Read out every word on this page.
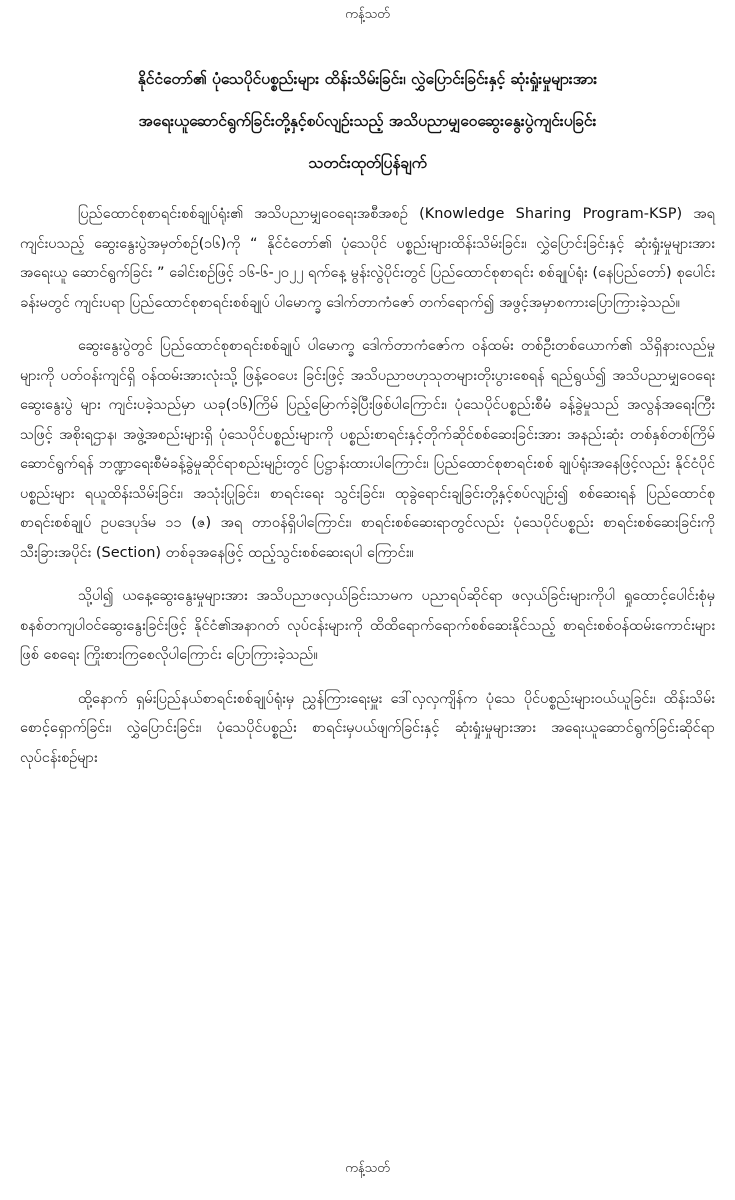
ကန့်သတ်
နိုင်ငံတော်၏ ပုံသေပိုင်ပစ္စည်းများ ထိန်းသိမ်းခြင်း၊ လွှဲပြောင်းခြင်းနှင့် ဆုံးရှုံးမှုများအား
အရေးယူဆောင်ရွက်ခြင်းတို့နှင့်စပ်လျဉ်းသည့် အသိပညာမျှဝေဆွေးနွေးပွဲကျင်းပခြင်း
သတင်းထုတ်ပြန်ချက်

ပြည်ထောင်စုစာရင်းစစ်ချုပ်ရုံး၏ အသိပညာမျှဝေရေးအစီအစဉ် (Knowledge Sharing Program-KSP) အရ ကျင်းပသည့် ဆွေးနွေးပွဲအမှတ်စဉ်(၁၆)ကို “ နိုင်ငံတော်၏ ပုံသေပိုင် ပစ္စည်းများထိန်းသိမ်းခြင်း၊ လွှဲပြောင်းခြင်းနှင့် ဆုံးရှုံးမှုများအား အရေးယူ ဆောင်ရွက်ခြင်း ” ခေါင်းစဉ်ဖြင့် ၁၆-၆-၂၀၂၂ ရက်နေ့ မွန်းလွဲပိုင်းတွင် ပြည်ထောင်စုစာရင်း စစ်ချုပ်ရုံး (နေပြည်တော်) စုပေါင်းခန်းမတွင် ကျင်းပရာ ပြည်ထောင်စုစာရင်းစစ်ချုပ် ပါမောက္ခ ဒေါက်တာကံဇော် တက်ရောက်၍ အဖွင့်အမှာစကားပြောကြားခဲ့သည်။

ဆွေးနွေးပွဲတွင် ပြည်ထောင်စုစာရင်းစစ်ချုပ် ပါမောက္ခ ဒေါက်တာကံဇော်က ဝန်ထမ်း တစ်ဦးတစ်ယောက်၏ သိရှိနားလည်မှုများကို ပတ်ဝန်းကျင်ရှိ ဝန်ထမ်းအားလုံးသို့ ဖြန့်ဝေပေး ခြင်းဖြင့် အသိပညာဗဟုသုတများတိုးပွားစေရန် ရည်ရွယ်၍ အသိပညာမျှဝေရေးဆွေးနွေးပွဲ များ ကျင်းပခဲ့သည်မှာ ယခု(၁၆)ကြိမ် ပြည့်မြောက်ခဲ့ပြီးဖြစ်ပါကြောင်း၊ ပုံသေပိုင်ပစ္စည်းစီမံ ခန့်ခွဲမှုသည် အလွန်အရေးကြီးသဖြင့် အစိုးရဌာန၊ အဖွဲ့အစည်းများရှိ ပုံသေပိုင်ပစ္စည်းများကို ပစ္စည်းစာရင်းနှင့်တိုက်ဆိုင်စစ်ဆေးခြင်းအား အနည်းဆုံး တစ်နှစ်တစ်ကြိမ် ဆောင်ရွက်ရန် ဘဏ္ဍာရေးစီမံခန့်ခွဲမှုဆိုင်ရာစည်းမျဉ်းတွင် ပြဋ္ဌာန်းထားပါကြောင်း၊ ပြည်ထောင်စုစာရင်းစစ် ချုပ်ရုံးအနေဖြင့်လည်း နိုင်ငံပိုင်ပစ္စည်းများ ရယူထိန်းသိမ်းခြင်း၊ အသုံးပြုခြင်း၊ စာရင်းရေး သွင်းခြင်း၊ ထုခွဲရောင်းချခြင်းတို့နှင့်စပ်လျဉ်း၍ စစ်ဆေးရန် ပြည်ထောင်စုစာရင်းစစ်ချုပ် ဥပဒေပုဒ်မ ၁၁ (ဇ) အရ တာဝန်ရှိပါကြောင်း၊ စာရင်းစစ်ဆေးရာတွင်လည်း ပုံသေပိုင်ပစ္စည်း စာရင်းစစ်ဆေးခြင်းကို သီးခြားအပိုင်း (Section) တစ်ခုအနေဖြင့် ထည့်သွင်းစစ်ဆေးရပါ ကြောင်း။

သို့ပါ၍ ယနေ့ဆွေးနွေးမှုများအား အသိပညာဖလှယ်ခြင်းသာမက ပညာရပ်ဆိုင်ရာ ဖလှယ်ခြင်းများကိုပါ ရှုထောင့်ပေါင်းစုံမှ စနစ်တကျပါဝင်ဆွေးနွေးခြင်းဖြင့် နိုင်ငံ၏အနာဂတ် လုပ်ငန်းများကို ထိထိရောက်ရောက်စစ်ဆေးနိုင်သည့် စာရင်းစစ်ဝန်ထမ်းကောင်းများဖြစ် စေရေး ကြိုးစားကြစေလိုပါကြောင်း ပြောကြားခဲ့သည်။

ထို့နောက် ရှမ်းပြည်နယ်စာရင်းစစ်ချုပ်ရုံးမှ ညွှန်ကြားရေးမှူး ဒေါ်လှလှကျိန်က ပုံသေ ပိုင်ပစ္စည်းများဝယ်ယူခြင်း၊ ထိန်းသိမ်းစောင့်ရှောက်ခြင်း၊ လွှဲပြောင်းခြင်း၊ ပုံသေပိုင်ပစ္စည်း စာရင်းမှပယ်ဖျက်ခြင်းနှင့် ဆုံးရှုံးမှုများအား အရေးယူဆောင်ရွက်ခြင်းဆိုင်ရာ လုပ်ငန်းစဉ်များ

ကန့်သတ်
